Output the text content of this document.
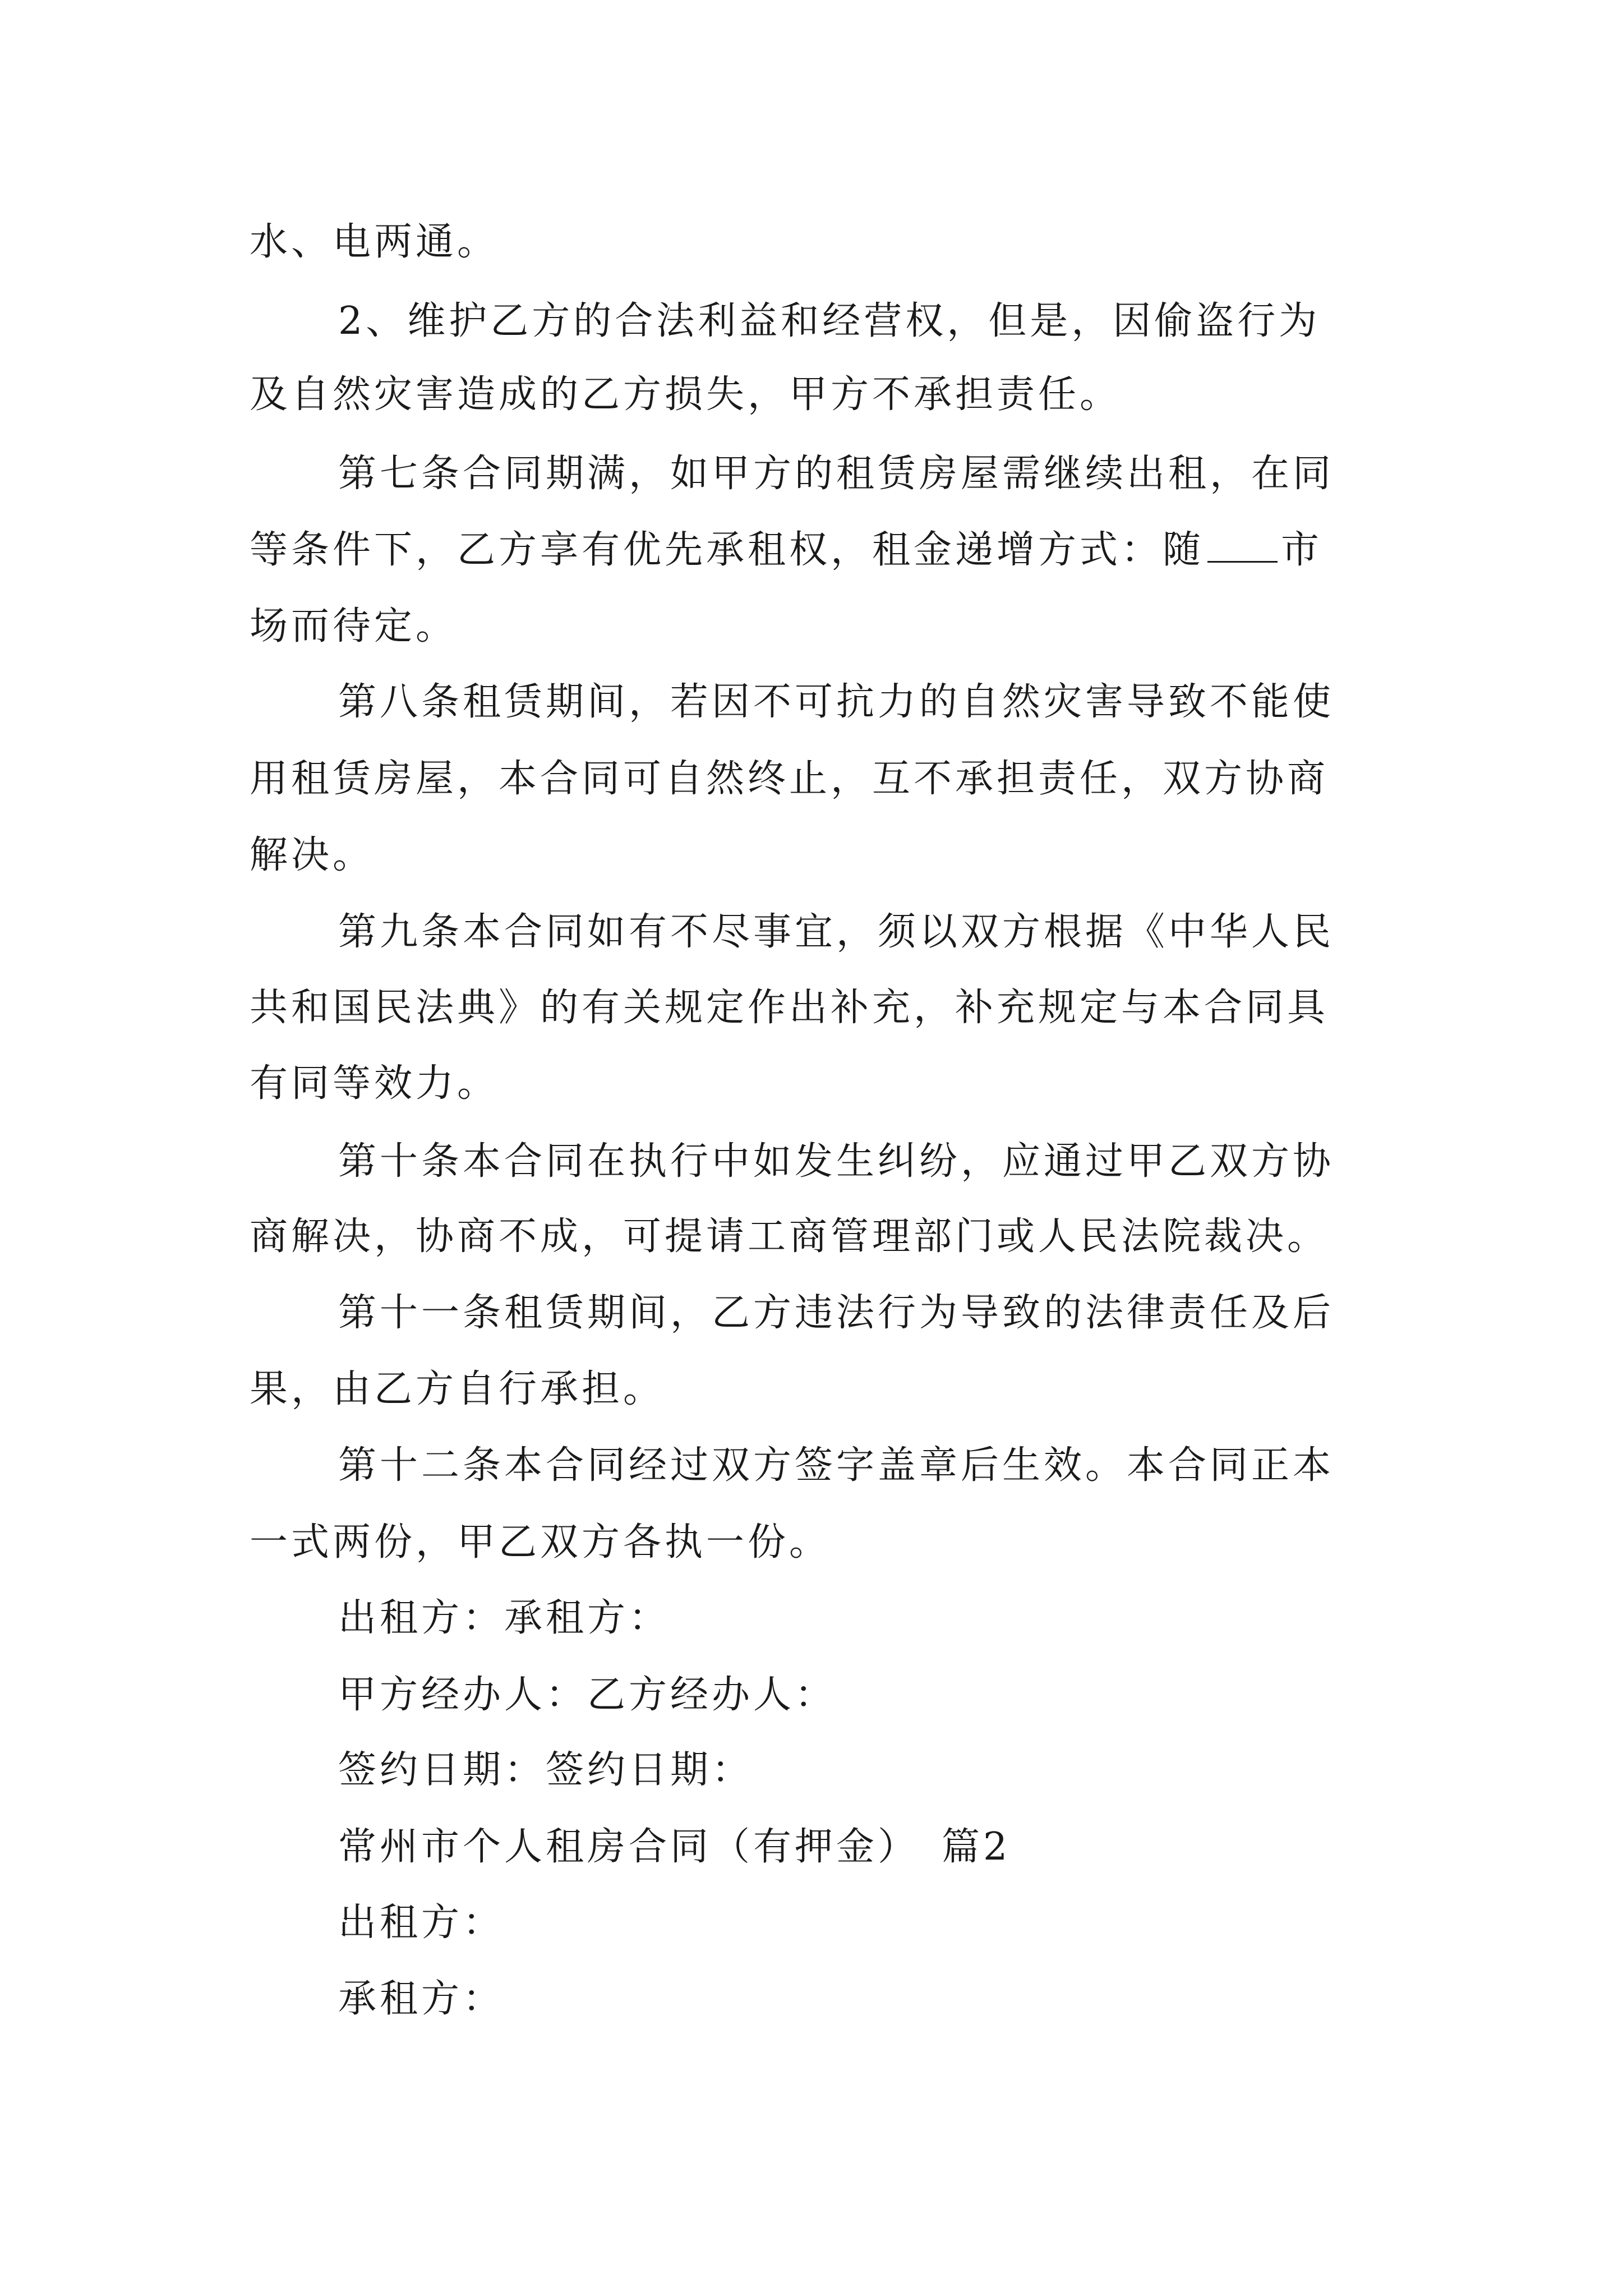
水、电两通。
2、维护乙方的合法利益和经营权，但是，因偷盗行为
及自然灾害造成的乙方损失，甲方不承担责任。
第七条合同期满，如甲方的租赁房屋需继续出租，在同
等条件下，乙方享有优先承租权，租金递增方式：随 市
场而待定。
第八条租赁期间，若因不可抗力的自然灾害导致不能使
用租赁房屋，本合同可自然终止，互不承担责任，双方协商
解决。
第九条本合同如有不尽事宜，须以双方根据《中华人民
共和国民法典》的有关规定作出补充，补充规定与本合同具
有同等效力。
第十条本合同在执行中如发生纠纷，应通过甲乙双方协
商解决，协商不成，可提请工商管理部门或人民法院裁决。
第十一条租赁期间，乙方违法行为导致的法律责任及后
果，由乙方自行承担。
第十二条本合同经过双方签字盖章后生效。本合同正本
一式两份，甲乙双方各执一份。
出租方：承租方：
甲方经办人：乙方经办人：
签约日期：签约日期：
常州市个人租房合同（有押金）　篇2
出租方：
承租方：
